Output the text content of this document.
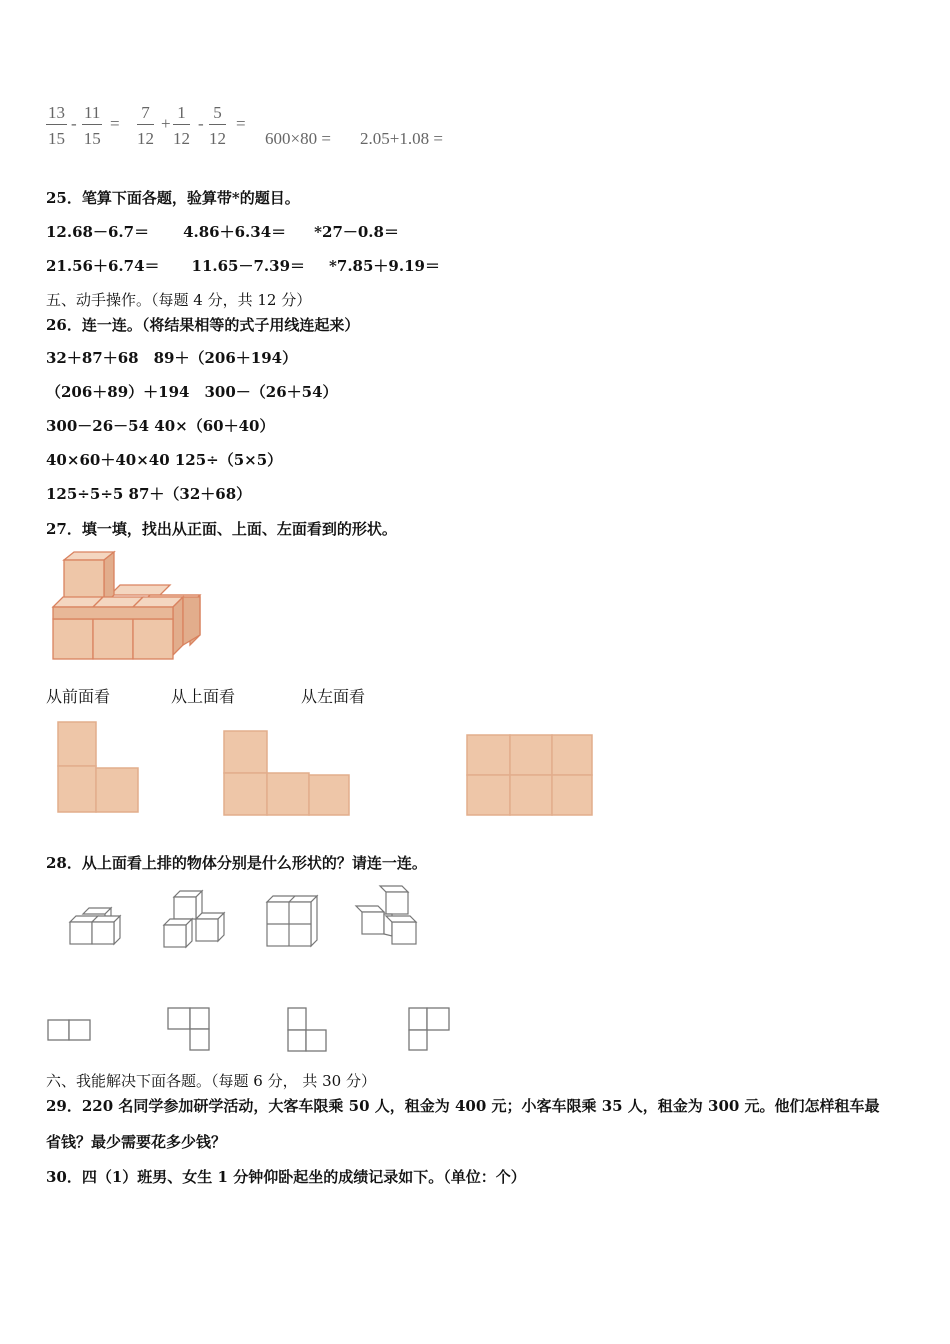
$\frac{13}{15} - \frac{11}{15} = \frac{7}{12} + \frac{1}{12} - \frac{5}{12}$ =
600×80 = 2.05+1.08 =
25．笔算下面各题，验算带*的题目。
12.68－6.7＝ 4.86＋6.34＝ *27－0.8＝
21.56＋6.74＝ 11.65－7.39＝ *7.85＋9.19＝
五、动手操作。（每题 4 分，共 12 分）
26．连一连。（将结果相等的式子用线连起来）
32＋87＋68　89＋（206＋194）
（206＋89）＋194　300－（26＋54）
300－26－54 40×（60＋40）
40×60＋40×40 125÷（5×5）
125÷5÷5 87＋（32＋68）
27．填一填，找出从正面、上面、左面看到的形状。
从前面看	从上面看	从左面看
28．从上面看上排的物体分别是什么形状的？请连一连。
六、我能解决下面各题。（每题 6 分， 共 30 分）
29．220 名同学参加研学活动，大客车限乘 50 人，租金为 400 元；小客车限乘 35 人，租金为 300 元。他们怎样租车最
省钱？最少需要花多少钱？
30．四（1）班男、女生 1 分钟仰卧起坐的成绩记录如下。（单位：个）
